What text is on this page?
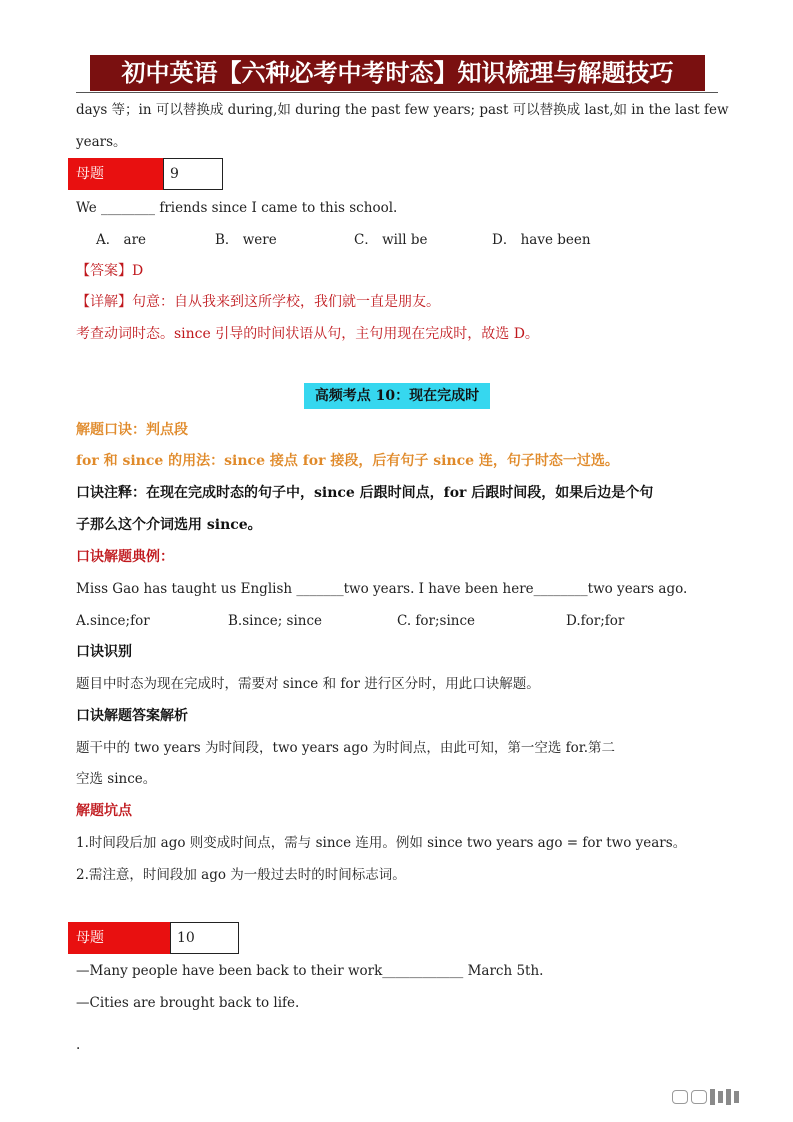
初中英语【六种必考中考时态】知识梳理与解题技巧
days 等；in 可以替换成 during,如 during the past few years; past 可以替换成 last,如 in the last few
years。
母题	9
We ________ friends since I came to this school.
A． are	B． were	C． will be	D． have been
【答案】D
【详解】句意：自从我来到这所学校，我们就一直是朋友。
考查动词时态。since 引导的时间状语从句，主句用现在完成时，故选 D。
高频考点 10：现在完成时
解题口诀：判点段
for 和 since 的用法：since 接点 for 接段，后有句子 since 连，句子时态一过选。
口诀注释：在现在完成时态的句子中，since 后跟时间点，for 后跟时间段，如果后边是个句
子那么这个介词选用 since。
口诀解题典例：
Miss Gao has taught us English _______two years. I have been here________two years ago.
A.since;for	B.since; since	C. for;since	D.for;for
口诀识别
题目中时态为现在完成时，需要对 since 和 for 进行区分时，用此口诀解题。
口诀解题答案解析
题干中的 two years 为时间段，two years ago 为时间点，由此可知，第一空选 for.第二
空选 since。
解题坑点
1.时间段后加 ago 则变成时间点，需与 since 连用。例如 since two years ago = for two years。
2.需注意，时间段加 ago 为一般过去时的时间标志词。
母题	10
—Many people have been back to their work____________ March 5th.
—Cities are brought back to life.
.
